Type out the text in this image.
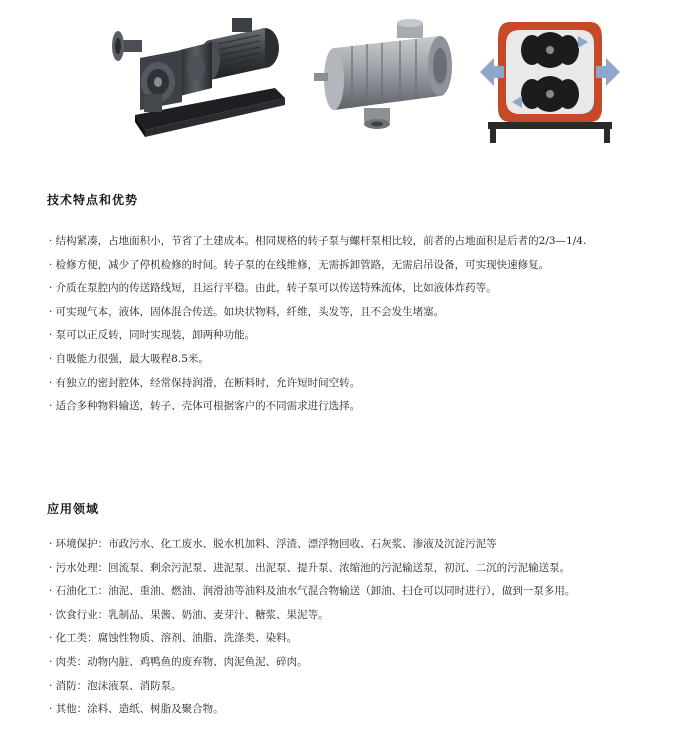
技术特点和优势
· 结构紧凑，占地面积小，节省了土建成本。相同规格的转子泵与螺杆泵相比较，前者的占地面积是后者的2/3—1/4.
· 检修方便，减少了停机检修的时间。转子泵的在线维修，无需拆卸管路，无需启吊设备，可实现快速修复。
· 介质在泵腔内的传送路线短，且运行平稳。由此，转子泵可以传送特殊流体，比如液体炸药等。
· 可实现气本，液体，固体混合传送。如块状物料，纤维，头发等，且不会发生堵塞。
· 泵可以正反转，同时实现装，卸两种功能。
· 自吸能力很强，最大吸程8.5米。
· 有独立的密封腔体，经常保持润滑，在断料时，允许短时间空转。
· 适合多种物料输送，转子、壳体可根据客户的不同需求进行选择。
应用领域
· 环境保护：市政污水、化工废水、脱水机加料、浮渣、漂浮物回收、石灰浆、渗液及沉淀污泥等
· 污水处理：回流泵、剩余污泥泵、进泥泵、出泥泵、提升泵、浓缩池的污泥输送泵，初沉、二沉的污泥输送泵。
· 石油化工：油泥、重油、燃油、润滑油等油料及油水气混合物输送（卸油、扫仓可以同时进行），做到一泵多用。
· 饮食行业：乳制品、果酱、奶油、麦芽汁、糖浆、果泥等。
· 化工类：腐蚀性物质、溶剂、油脂、洗涤类、染料。
· 肉类：动物内脏、鸡鸭鱼的废弃物、肉泥鱼泥、碎肉。
· 消防：泡沫液泵、消防泵。
· 其他：涂料、造纸、树脂及聚合物。
